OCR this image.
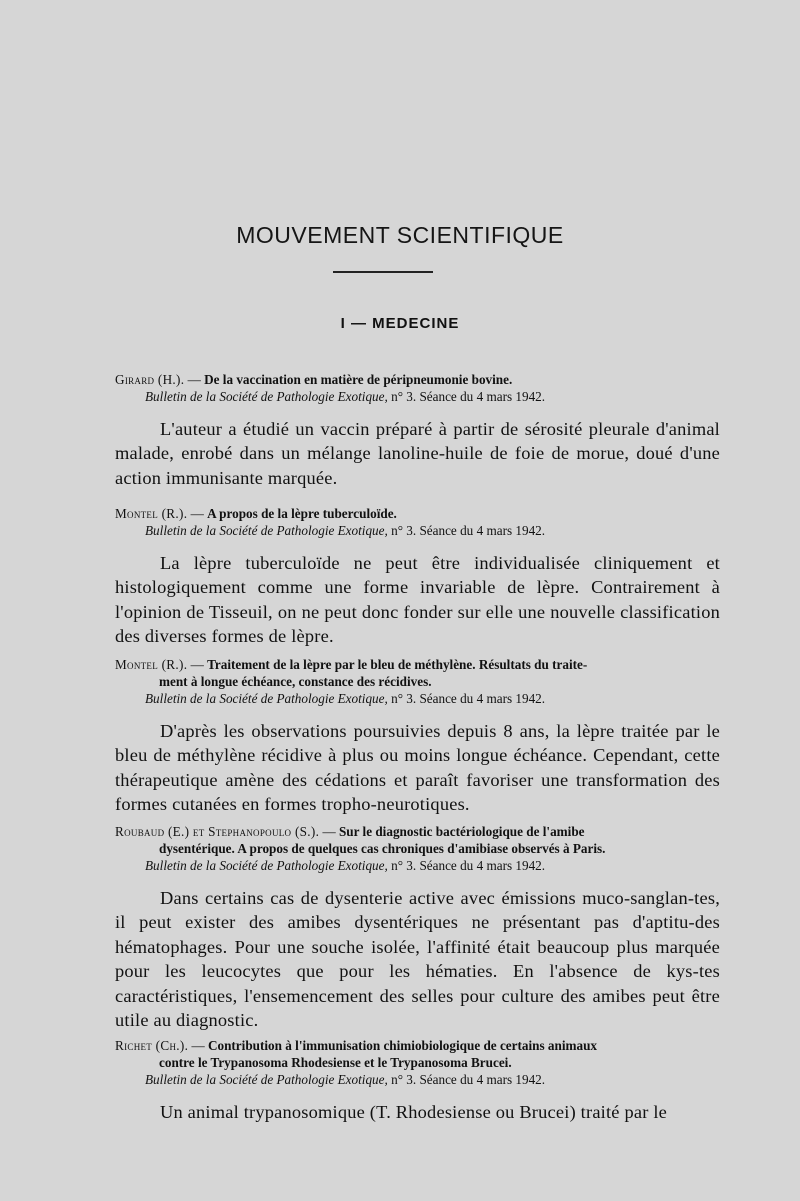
MOUVEMENT SCIENTIFIQUE
I — MEDECINE
Girard (H.). — De la vaccination en matière de péripneumonie bovine.
Bulletin de la Société de Pathologie Exotique, n° 3. Séance du 4 mars 1942.
L'auteur a étudié un vaccin préparé à partir de sérosité pleurale d'animal malade, enrobé dans un mélange lanoline-huile de foie de morue, doué d'une action immunisante marquée.
Montel (R.). — A propos de la lèpre tuberculoïde.
Bulletin de la Société de Pathologie Exotique, n° 3. Séance du 4 mars 1942.
La lèpre tuberculoïde ne peut être individualisée cliniquement et histologiquement comme une forme invariable de lèpre. Contrairement à l'opinion de Tisseuil, on ne peut donc fonder sur elle une nouvelle classification des diverses formes de lèpre.
Montel (R.). — Traitement de la lèpre par le bleu de méthylène. Résultats du traite-
ment à longue échéance, constance des récidives.
Bulletin de la Société de Pathologie Exotique, n° 3. Séance du 4 mars 1942.
D'après les observations poursuivies depuis 8 ans, la lèpre traitée par le bleu de méthylène récidive à plus ou moins longue échéance. Cependant, cette thérapeutique amène des cédations et paraît favoriser une transformation des formes cutanées en formes tropho-neurotiques.
Roubaud (E.) et Stephanopoulo (S.). — Sur le diagnostic bactériologique de l'amibe
dysentérique. A propos de quelques cas chroniques d'amibiase observés à Paris.
Bulletin de la Société de Pathologie Exotique, n° 3. Séance du 4 mars 1942.
Dans certains cas de dysenterie active avec émissions muco-sanglan-tes, il peut exister des amibes dysentériques ne présentant pas d'aptitu-des hématophages. Pour une souche isolée, l'affinité était beaucoup plus marquée pour les leucocytes que pour les hématies. En l'absence de kys-tes caractéristiques, l'ensemencement des selles pour culture des amibes peut être utile au diagnostic.
Richet (Ch.). — Contribution à l'immunisation chimiobiologique de certains animaux
contre le Trypanosoma Rhodesiense et le Trypanosoma Brucei.
Bulletin de la Société de Pathologie Exotique, n° 3. Séance du 4 mars 1942.
Un animal trypanosomique (T. Rhodesiense ou Brucei) traité par le
